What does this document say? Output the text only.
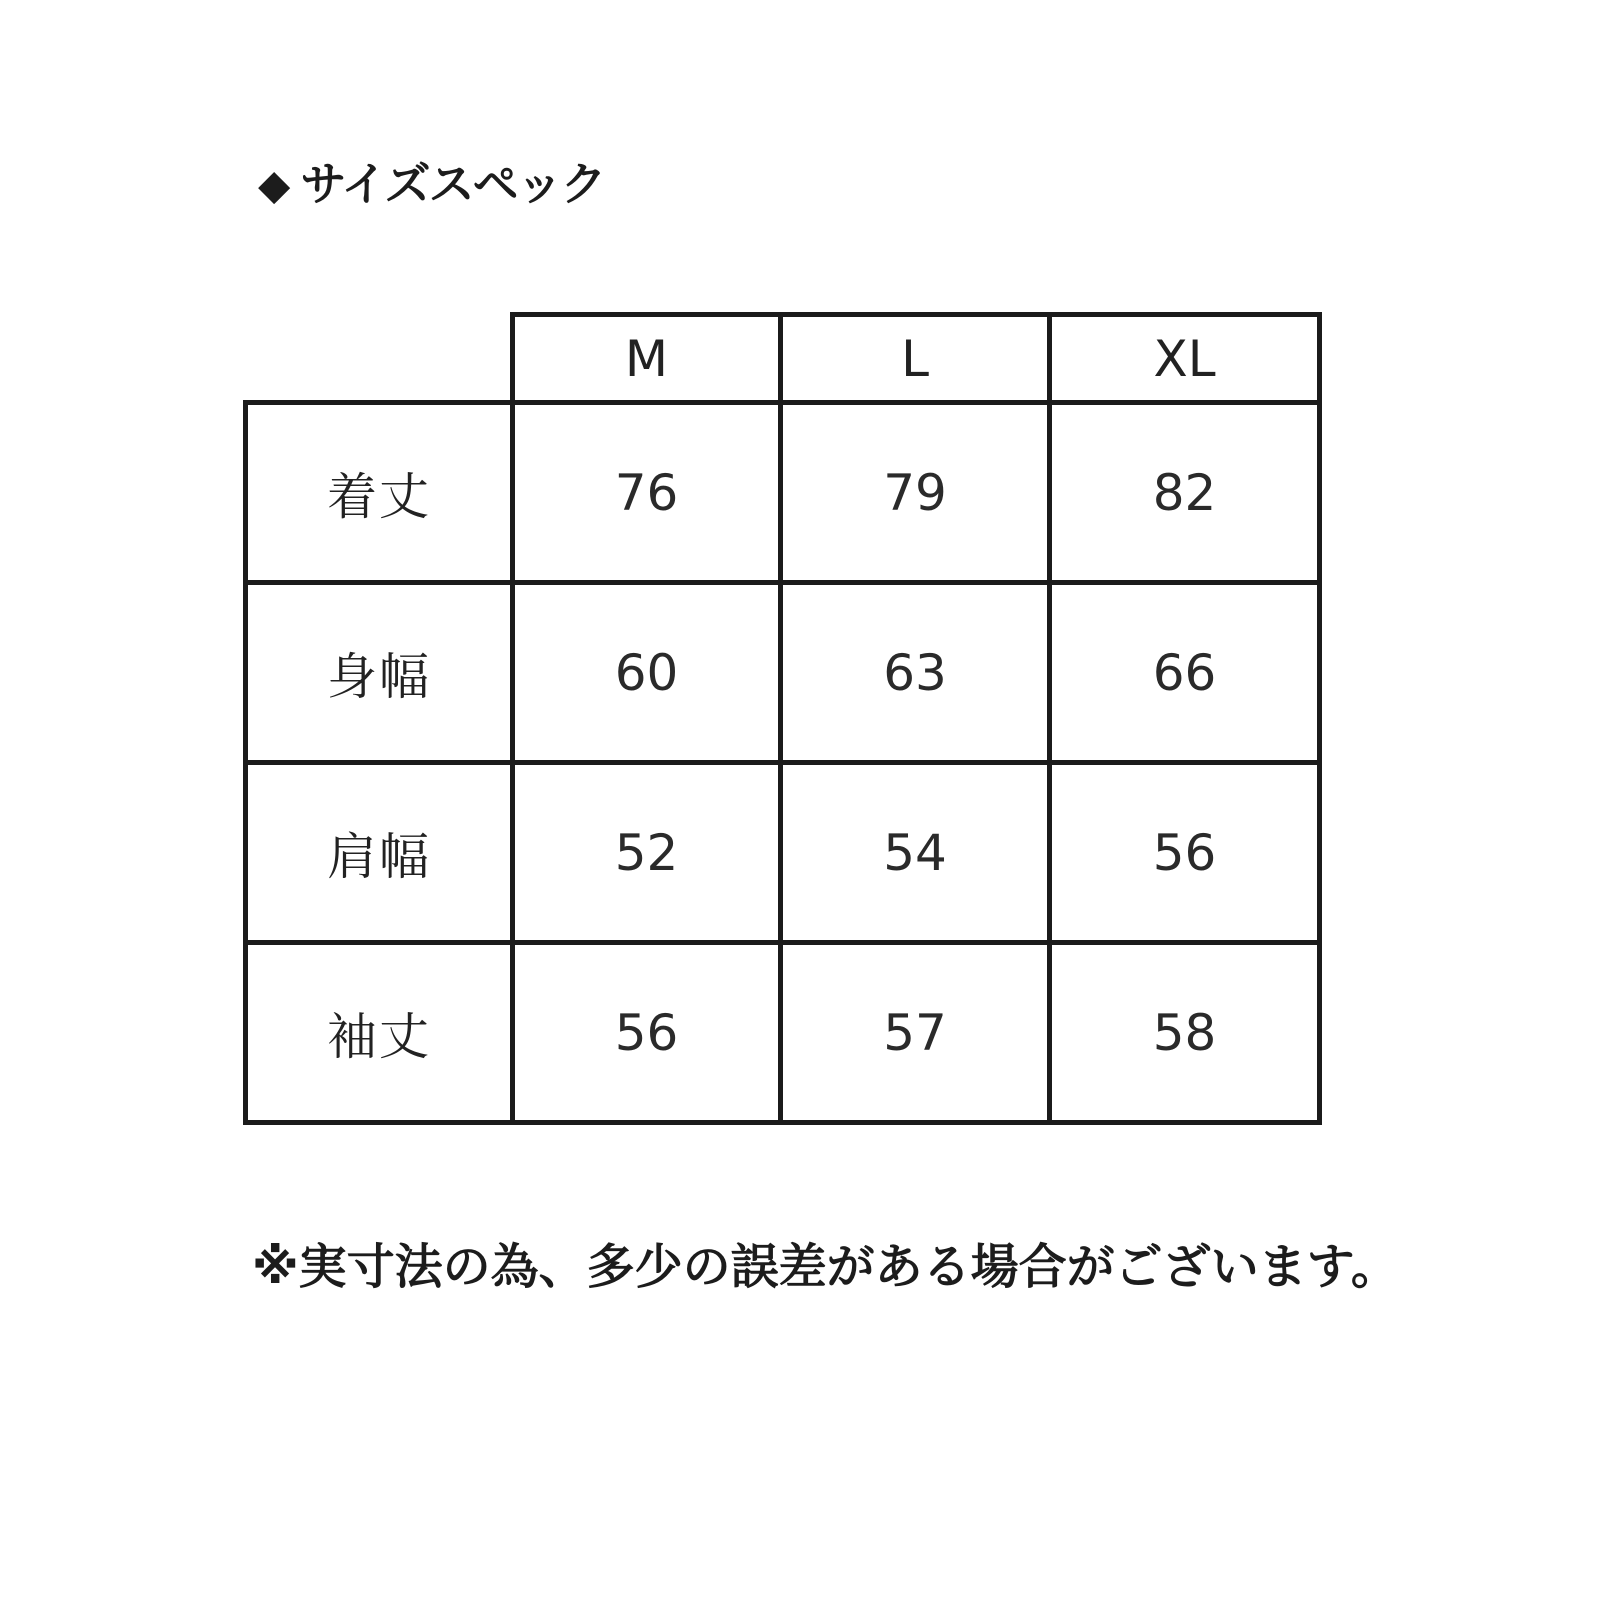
◆ サイズスペック
	M	L	XL
着丈	76	79	82
身幅	60	63	66
肩幅	52	54	56
袖丈	56	57	58
※実寸法の為、多少の誤差がある場合がございます。
